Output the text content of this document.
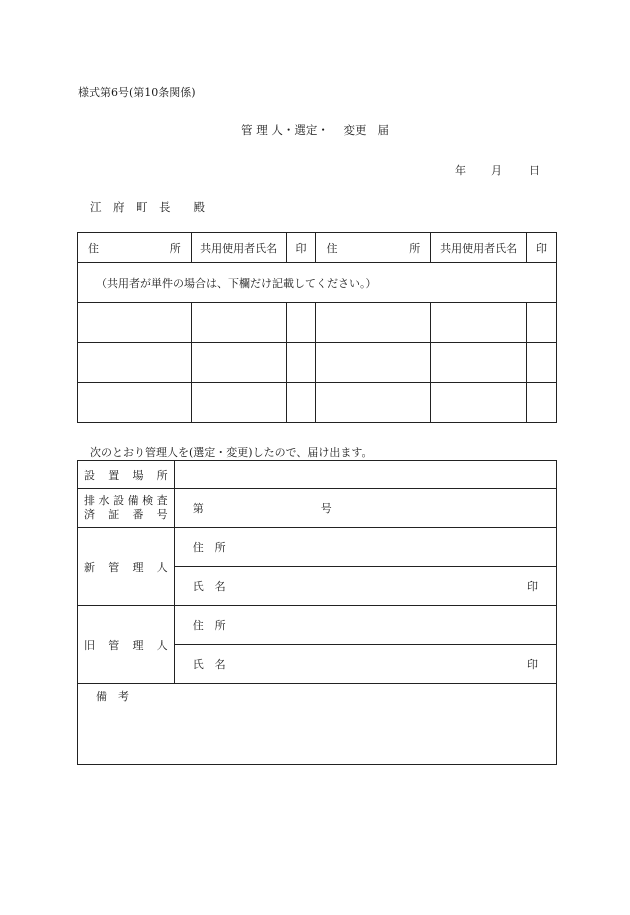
様式第6号(第10条関係)
管 理 人・選定・ 変更 届
年 月 日
江　府　町　長　　殿
住 所	共用使用者氏名	印	住 所	共用使用者氏名	印
（共用者が単件の場合は、下欄だけ記載してください。）					

次のとおり管理人を(選定・変更)したので、届け出ます。
設 置 場 所	

排水設備検査
済 証 番 号	第 号

新 管 理 人	住　所

	氏　名 印

旧 管 理 人	住　所

	氏　名 印

備　考	
